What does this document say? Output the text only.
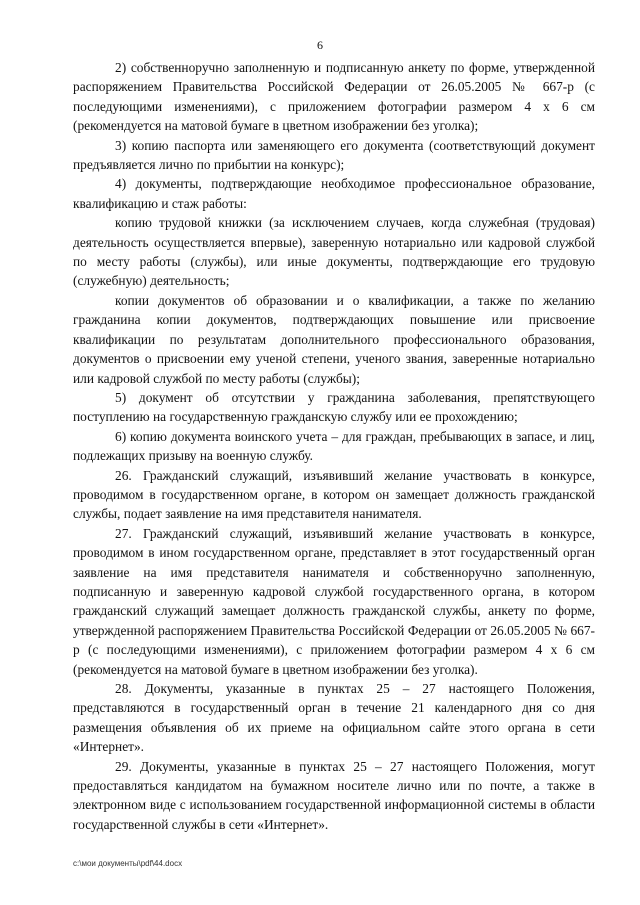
6

2) собственноручно заполненную и подписанную анкету по форме, утвержденной распоряжением Правительства Российской Федерации от 26.05.2005 № 667-р (с последующими изменениями), с приложением фотографии размером 4 х 6 см (рекомендуется на матовой бумаге в цветном изображении без уголка);

3) копию паспорта или заменяющего его документа (соответствующий документ предъявляется лично по прибытии на конкурс);

4) документы, подтверждающие необходимое профессиональное образование, квалификацию и стаж работы:

копию трудовой книжки (за исключением случаев, когда служебная (трудовая) деятельность осуществляется впервые), заверенную нотариально или кадровой службой по месту работы (службы), или иные документы, подтверждающие его трудовую (служебную) деятельность;

копии документов об образовании и о квалификации, а также по желанию гражданина копии документов, подтверждающих повышение или присвоение квалификации по результатам дополнительного профессионального образования, документов о присвоении ему ученой степени, ученого звания, заверенные нотариально или кадровой службой по месту работы (службы);

5) документ об отсутствии у гражданина заболевания, препятствующего поступлению на государственную гражданскую службу или ее прохождению;

6) копию документа воинского учета – для граждан, пребывающих в запасе, и лиц, подлежащих призыву на военную службу.

26. Гражданский служащий, изъявивший желание участвовать в конкурсе, проводимом в государственном органе, в котором он замещает должность гражданской службы, подает заявление на имя представителя нанимателя.

27. Гражданский служащий, изъявивший желание участвовать в конкурсе, проводимом в ином государственном органе, представляет в этот государственный орган заявление на имя представителя нанимателя и собственноручно заполненную, подписанную и заверенную кадровой службой государственного органа, в котором гражданский служащий замещает должность гражданской службы, анкету по форме, утвержденной распоряжением Правительства Российской Федерации от 26.05.2005 № 667-р (с последующими изменениями), с приложением фотографии размером 4 х 6 см (рекомендуется на матовой бумаге в цветном изображении без уголка).

28. Документы, указанные в пунктах 25 – 27 настоящего Положения, представляются в государственный орган в течение 21 календарного дня со дня размещения объявления об их приеме на официальном сайте этого органа в сети «Интернет».

29. Документы, указанные в пунктах 25 – 27 настоящего Положения, могут предоставляться кандидатом на бумажном носителе лично или по почте, а также в электронном виде с использованием государственной информационной системы в области государственной службы в сети «Интернет».

c:\мои документы\pdf\44.docx
